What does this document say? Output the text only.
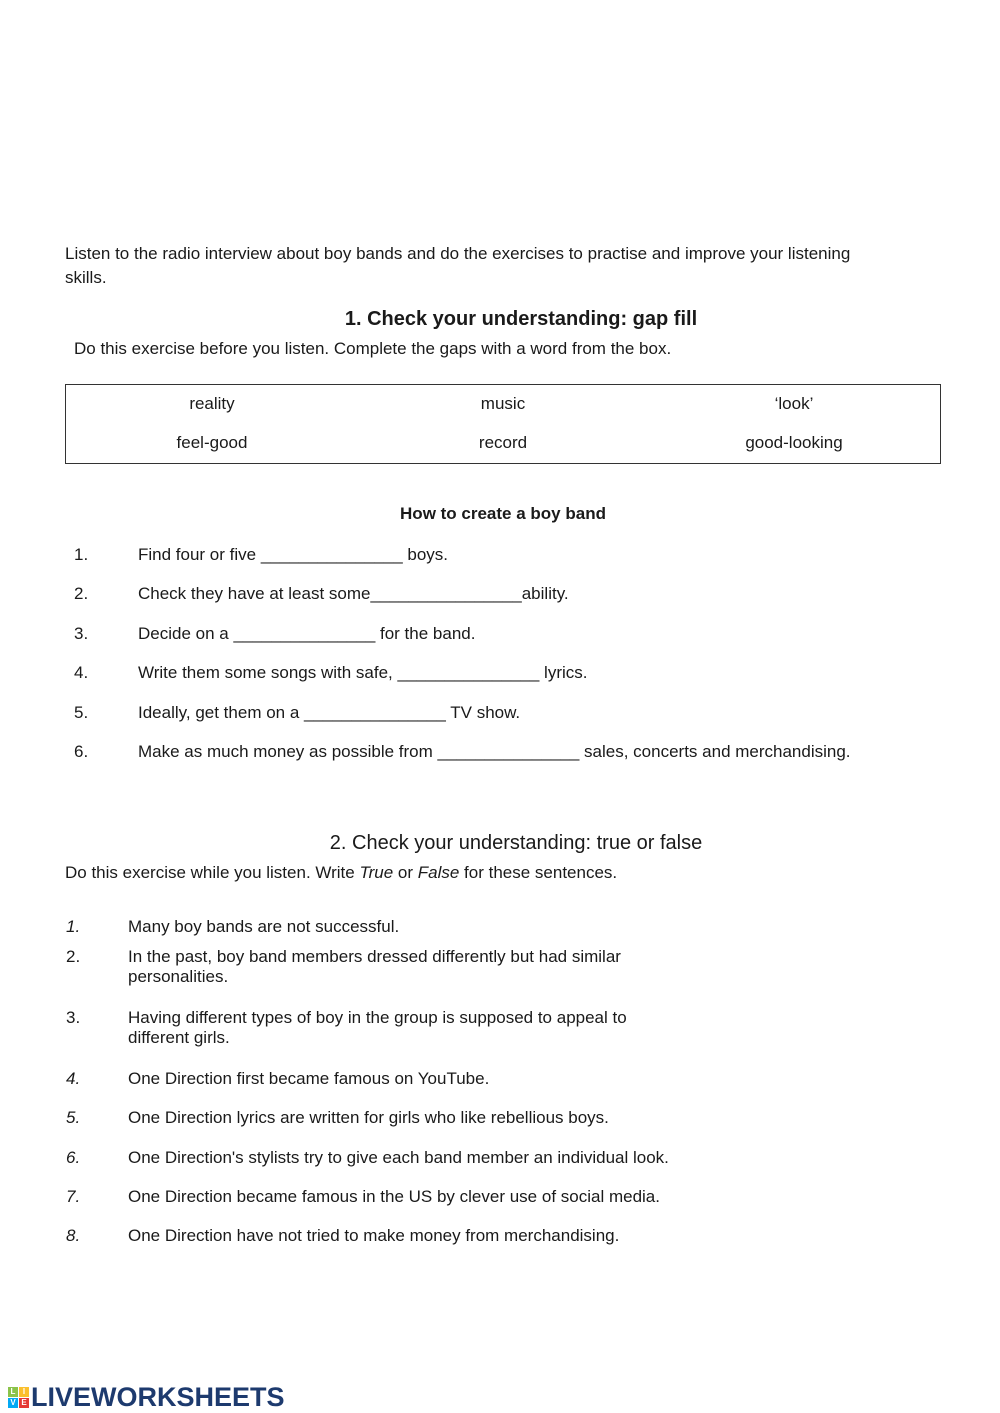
Listen to the radio interview about boy bands and do the exercises to practise and improve your listening
skills.
1. Check your understanding: gap fill
Do this exercise before you listen. Complete the gaps with a word from the box.
reality	music	‘look’
feel-good	record	good-looking
How to create a boy band
1.	Find four or five _______________ boys.
2.	Check they have at least some________________ability.
3.	Decide on a _______________ for the band.
4.	Write them some songs with safe, _______________ lyrics.
5.	Ideally, get them on a _______________ TV show.
6.	Make as much money as possible from _______________ sales, concerts and merchandising.
2. Check your understanding: true or false
Do this exercise while you listen. Write True or False for these sentences.
1.	Many boy bands are not successful.
2.	In the past, boy band members dressed differently but had similar
personalities.
3.	Having different types of boy in the group is supposed to appeal to
different girls.
4.	One Direction first became famous on YouTube.
5.	One Direction lyrics are written for girls who like rebellious boys.
6.	One Direction's stylists try to give each band member an individual look.
7.	One Direction became famous in the US by clever use of social media.
8.	One Direction have not tried to make money from merchandising.
L I
V E LIVEWORKSHEETS
